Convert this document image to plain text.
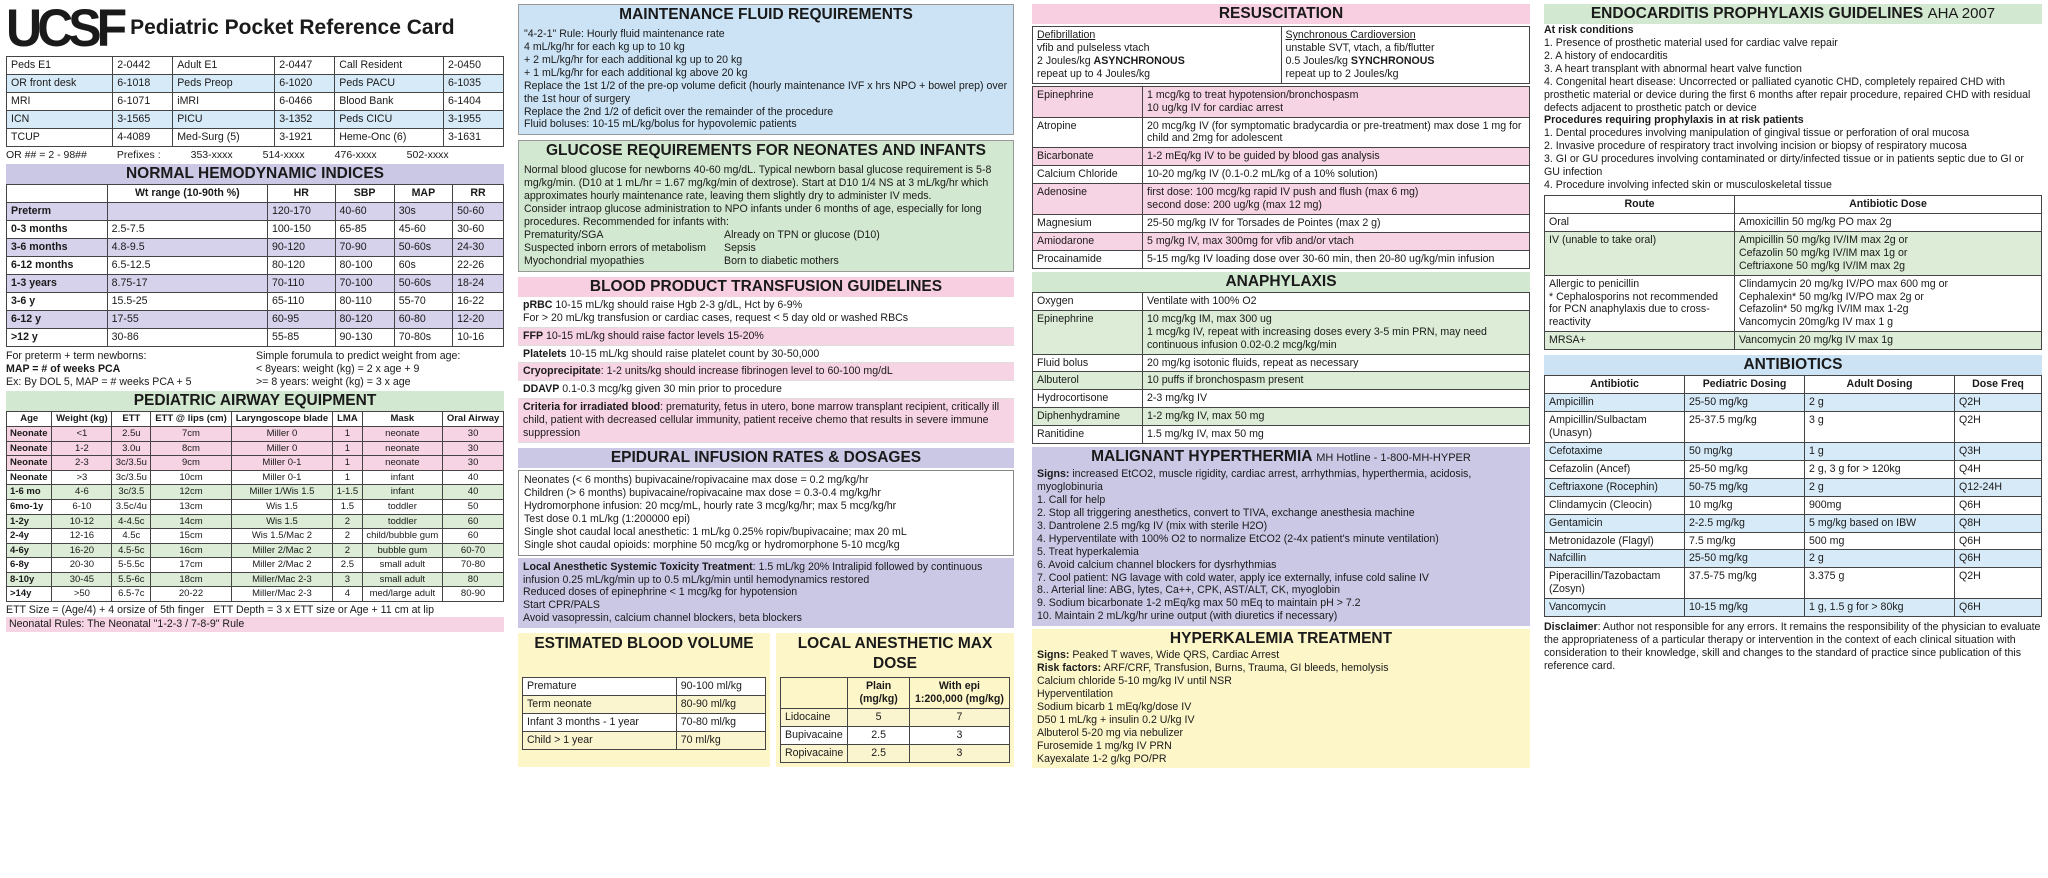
UCSF Pediatric Pocket Reference Card
Peds E1	2-0442	Adult E1	2-0447	Call Resident	2-0450
OR front desk	6-1018	Peds Preop	6-1020	Peds PACU	6-1035
MRI	6-1071	iMRI	6-0466	Blood Bank	6-1404
ICN	3-1565	PICU	3-1352	Peds CICU	3-1955
TCUP	4-4089	Med-Surg (5)	3-1921	Heme-Onc (6)	3-1631
OR ## = 2 - 98##	Prefixes :	353-xxxx	514-xxxx	476-xxxx	502-xxxx
NORMAL HEMODYNAMIC INDICES
	Wt range (10-90th %)	HR	SBP	MAP	RR
Preterm		120-170	40-60	30s	50-60
0-3 months	2.5-7.5	100-150	65-85	45-60	30-60
3-6 months	4.8-9.5	90-120	70-90	50-60s	24-30
6-12 months	6.5-12.5	80-120	80-100	60s	22-26
1-3 years	8.75-17	70-110	70-100	50-60s	18-24
3-6 y	15.5-25	65-110	80-110	55-70	16-22
6-12 y	17-55	60-95	80-120	60-80	12-20
>12 y	30-86	55-85	90-130	70-80s	10-16
For preterm + term newborns:
MAP = # of weeks PCA
Ex: By DOL 5, MAP = # weeks PCA + 5
Simple forumula to predict weight from age:
< 8years: weight (kg) = 2 x age + 9
>= 8 years: weight (kg) = 3 x age
PEDIATRIC AIRWAY EQUIPMENT
Age	Weight (kg)	ETT	ETT @ lips (cm)	Laryngoscope blade	LMA	Mask	Oral Airway
Neonate	<1	2.5u	7cm	Miller 0	1	neonate	30
Neonate	1-2	3.0u	8cm	Miller 0	1	neonate	30
Neonate	2-3	3c/3.5u	9cm	Miller 0-1	1	neonate	30
Neonate	>3	3c/3.5u	10cm	Miller 0-1	1	infant	40
1-6 mo	4-6	3c/3.5	12cm	Miller 1/Wis 1.5	1-1.5	infant	40
6mo-1y	6-10	3.5c/4u	13cm	Wis 1.5	1.5	toddler	50
1-2y	10-12	4-4.5c	14cm	Wis 1.5	2	toddler	60
2-4y	12-16	4.5c	15cm	Wis 1.5/Mac 2	2	child/bubble gum	60
4-6y	16-20	4.5-5c	16cm	Miller 2/Mac 2	2	bubble gum	60-70
6-8y	20-30	5-5.5c	17cm	Miller 2/Mac 2	2.5	small adult	70-80
8-10y	30-45	5.5-6c	18cm	Miller/Mac 2-3	3	small adult	80
>14y	>50	6.5-7c	20-22	Miller/Mac 2-3	4	med/large adult	80-90
ETT Size = (Age/4) + 4 orsize of 5th finger ETT Depth = 3 x ETT size or Age + 11 cm at lip
Neonatal Rules: The Neonatal "1-2-3 / 7-8-9" Rule
MAINTENANCE FLUID REQUIREMENTS
"4-2-1" Rule: Hourly fluid maintenance rate
4 mL/kg/hr for each kg up to 10 kg
+ 2 mL/kg/hr for each additional kg up to 20 kg
+ 1 mL/kg/hr for each additional kg above 20 kg
Replace the 1st 1/2 of the pre-op volume deficit (hourly maintenance IVF x hrs NPO + bowel prep) over the 1st hour of surgery
Replace the 2nd 1/2 of deficit over the remainder of the procedure
Fluid boluses: 10-15 mL/kg/bolus for hypovolemic patients
GLUCOSE REQUIREMENTS FOR NEONATES AND INFANTS

Normal blood glucose for newborns 40-60 mg/dL. Typical newborn basal glucose requirement is 5-8 mg/kg/min. (D10 at 1 mL/hr = 1.67 mg/kg/min of dextrose). Start at D10 1/4 NS at 3 mL/kg/hr which approximates hourly maintenance rate, leaving them slightly dry to administer IV meds.

Consider intraop glucose administration to NPO infants under 6 months of age, especially for long procedures. Recommended for infants with:

Prematurity/SGA	Already on TPN or glucose (D10)
Suspected inborn errors of metabolism	Sepsis
Myochondrial myopathies	Born to diabetic mothers
BLOOD PRODUCT TRANSFUSION GUIDELINES
pRBC 10-15 mL/kg should raise Hgb 2-3 g/dL, Hct by 6-9%
For > 20 mL/kg transfusion or cardiac cases, request < 5 day old or washed RBCs
FFP 10-15 mL/kg should raise factor levels 15-20%
Platelets 10-15 mL/kg should raise platelet count by 30-50,000
Cryoprecipitate: 1-2 units/kg should increase fibrinogen level to 60-100 mg/dL
DDAVP 0.1-0.3 mcg/kg given 30 min prior to procedure
Criteria for irradiated blood: prematurity, fetus in utero, bone marrow transplant recipient, critically ill child, patient with decreased cellular immunity, patient receive chemo that results in severe immune suppression
EPIDURAL INFUSION RATES & DOSAGES
Neonates (< 6 months) bupivacaine/ropivacaine max dose = 0.2 mg/kg/hr
Children (> 6 months) bupivacaine/ropivacaine max dose = 0.3-0.4 mg/kg/hr
Hydromorphone infusion: 20 mcg/mL, hourly rate 3 mcg/kg/hr; max 5 mcg/kg/hr
Test dose 0.1 mL/kg (1:200000 epi)
Single shot caudal local anesthetic: 1 mL/kg 0.25% ropiv/bupivacaine; max 20 mL
Single shot caudal opioids: morphine 50 mcg/kg or hydromorphone 5-10 mcg/kg
Local Anesthetic Systemic Toxicity Treatment: 1.5 mL/kg 20% Intralipid followed by continuous infusion 0.25 mL/kg/min up to 0.5 mL/kg/min until hemodynamics restored
Reduced doses of epinephrine < 1 mcg/kg for hypotension
Start CPR/PALS
Avoid vasopressin, calcium channel blockers, beta blockers
ESTIMATED BLOOD VOLUME
Premature	90-100 ml/kg
Term neonate	80-90 ml/kg
Infant 3 months - 1 year	70-80 ml/kg
Child > 1 year	70 ml/kg
LOCAL ANESTHETIC MAX DOSE
	Plain (mg/kg)	With epi 1:200,000 (mg/kg)
Lidocaine	5	7
Bupivacaine	2.5	3
Ropivacaine	2.5	3
RESUSCITATION
Defibrillation
vfib and pulseless vtach
2 Joules/kg ASYNCHRONOUS
repeat up to 4 Joules/kg

Synchronous Cardioversion
unstable SVT, vtach, a fib/flutter
0.5 Joules/kg SYNCHRONOUS
repeat up to 2 Joules/kg
Epinephrine	1 mcg/kg to treat hypotension/bronchospasm
10 ug/kg IV for cardiac arrest
Atropine	20 mcg/kg IV (for symptomatic bradycardia or pre-treatment) max dose 1 mg for child and 2mg for adolescent
Bicarbonate	1-2 mEq/kg IV to be guided by blood gas analysis
Calcium Chloride	10-20 mg/kg IV (0.1-0.2 mL/kg of a 10% solution)
Adenosine	first dose: 100 mcg/kg rapid IV push and flush (max 6 mg)
second dose: 200 ug/kg (max 12 mg)
Magnesium	25-50 mg/kg IV for Torsades de Pointes (max 2 g)
Amiodarone	5 mg/kg IV, max 300mg for vfib and/or vtach
Procainamide	5-15 mg/kg IV loading dose over 30-60 min, then 20-80 ug/kg/min infusion
ANAPHYLAXIS
Oxygen	Ventilate with 100% O2
Epinephrine	10 mcg/kg IM, max 300 ug
1 mcg/kg IV, repeat with increasing doses every 3-5 min PRN, may need continuous infusion 0.02-0.2 mcg/kg/min
Fluid bolus	20 mg/kg isotonic fluids, repeat as necessary
Albuterol	10 puffs if bronchospasm present
Hydrocortisone	2-3 mg/kg IV
Diphenhydramine	1-2 mg/kg IV, max 50 mg
Ranitidine	1.5 mg/kg IV, max 50 mg
MALIGNANT HYPERTHERMIA MH Hotline - 1-800-MH-HYPER
Signs: increased EtCO2, muscle rigidity, cardiac arrest, arrhythmias, hyperthermia, acidosis, myoglobinuria
1. Call for help
2. Stop all triggering anesthetics, convert to TIVA, exchange anesthesia machine
3. Dantrolene 2.5 mg/kg IV (mix with sterile H2O)
4. Hyperventilate with 100% O2 to normalize EtCO2 (2-4x patient's minute ventilation)
5. Treat hyperkalemia
6. Avoid calcium channel blockers for dysrhythmias
7. Cool patient: NG lavage with cold water, apply ice externally, infuse cold saline IV
8.. Arterial line: ABG, lytes, Ca++, CPK, AST/ALT, CK, myoglobin
9. Sodium bicarbonate 1-2 mEq/kg max 50 mEq to maintain pH > 7.2
10. Maintain 2 mL/kg/hr urine output (with diuretics if necessary)
HYPERKALEMIA TREATMENT
Signs: Peaked T waves, Wide QRS, Cardiac Arrest
Risk factors: ARF/CRF, Transfusion, Burns, Trauma, GI bleeds, hemolysis
Calcium chloride 5-10 mg/kg IV until NSR
Hyperventilation
Sodium bicarb 1 mEq/kg/dose IV
D50 1 mL/kg + insulin 0.2 U/kg IV
Albuterol 5-20 mg via nebulizer
Furosemide 1 mg/kg IV PRN
Kayexalate 1-2 g/kg PO/PR
ENDOCARDITIS PROPHYLAXIS GUIDELINES AHA 2007
At risk conditions
1. Presence of prosthetic material used for cardiac valve repair
2. A history of endocarditis
3. A heart transplant with abnormal heart valve function
4. Congenital heart disease: Uncorrected or palliated cyanotic CHD, completely repaired CHD with prosthetic material or device during the first 6 months after repair procedure, repaired CHD with residual defects adjacent to prosthetic patch or device
Procedures requiring prophylaxis in at risk patients
1. Dental procedures involving manipulation of gingival tissue or perforation of oral mucosa
2. Invasive procedure of respiratory tract involving incision or biopsy of respiratory mucosa
3. GI or GU procedures involving contaminated or dirty/infected tissue or in patients septic due to GI or GU infection
4. Procedure involving infected skin or musculoskeletal tissue
Route	Antibiotic Dose
Oral	Amoxicillin 50 mg/kg PO max 2g
IV (unable to take oral)	Ampicillin 50 mg/kg IV/IM max 2g or
Cefazolin 50 mg/kg IV/IM max 1g or
Ceftriaxone 50 mg/kg IV/IM max 2g
Allergic to penicillin
* Cephalosporins not recommended for PCN anaphylaxis due to cross-reactivity	Clindamycin 20 mg/kg IV/PO max 600 mg or
Cephalexin* 50 mg/kg IV/PO max 2g or
Cefazolin* 50 mg/kg IV/IM max 1-2g
Vancomycin 20mg/kg IV max 1 g
MRSA+	Vancomycin 20 mg/kg IV max 1g
ANTIBIOTICS
Antibiotic	Pediatric Dosing	Adult Dosing	Dose Freq
Ampicillin	25-50 mg/kg	2 g	Q2H
Ampicillin/Sulbactam (Unasyn)	25-37.5 mg/kg	3 g	Q2H
Cefotaxime	50 mg/kg	1 g	Q3H
Cefazolin (Ancef)	25-50 mg/kg	2 g, 3 g for > 120kg	Q4H
Ceftriaxone (Rocephin)	50-75 mg/kg	2 g	Q12-24H
Clindamycin (Cleocin)	10 mg/kg	900mg	Q6H
Gentamicin	2-2.5 mg/kg	5 mg/kg based on IBW	Q8H
Metronidazole (Flagyl)	7.5 mg/kg	500 mg	Q6H
Nafcillin	25-50 mg/kg	2 g	Q6H
Piperacillin/Tazobactam (Zosyn)	37.5-75 mg/kg	3.375 g	Q2H
Vancomycin	10-15 mg/kg	1 g, 1.5 g for > 80kg	Q6H
Disclaimer: Author not responsible for any errors. It remains the responsibility of the physician to evaluate the appropriateness of a particular therapy or intervention in the context of each clinical situation with consideration to their knowledge, skill and changes to the standard of practice since publication of this reference card.
